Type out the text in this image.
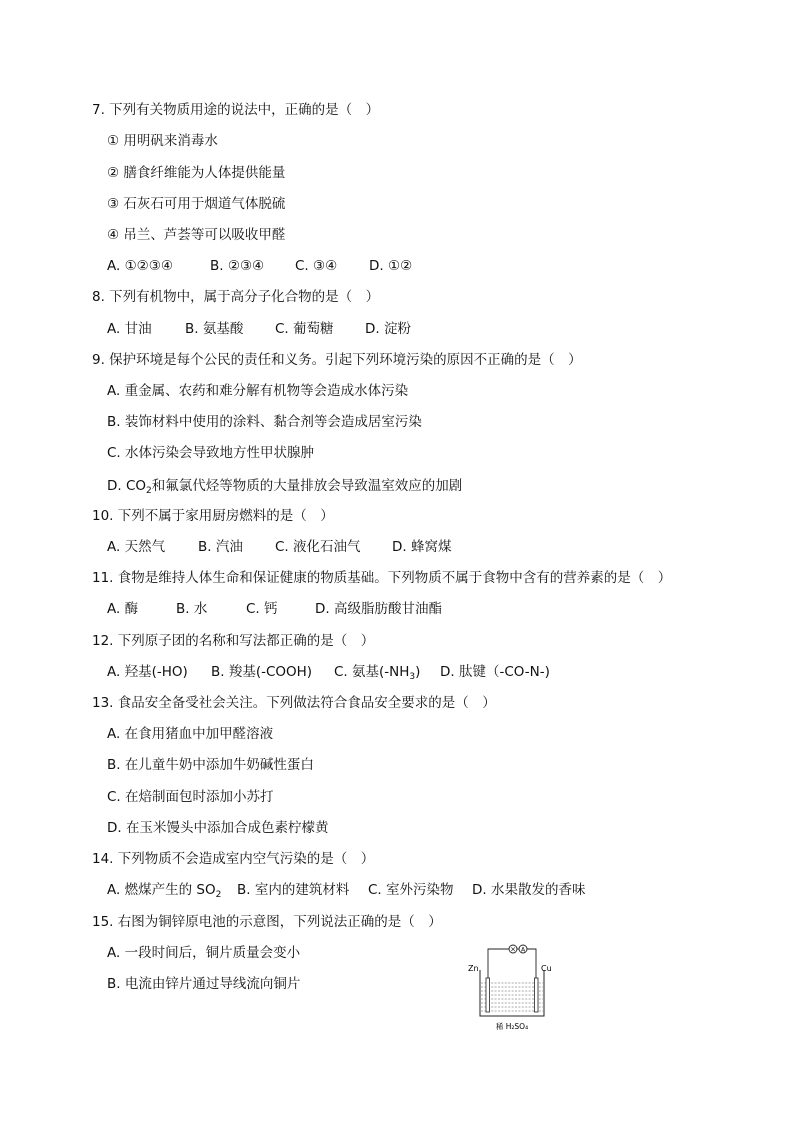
7. 下列有关物质用途的说法中，正确的是（　）
① 用明矾来消毒水
② 膳食纤维能为人体提供能量
③ 石灰石可用于烟道气体脱硫
④ 吊兰、芦荟等可以吸收甲醛
A. ①②③④	B. ②③④ C. ③④ D. ①②
8. 下列有机物中，属于高分子化合物的是（　）
A. 甘油 B. 氨基酸 C. 葡萄糖 D. 淀粉
9. 保护环境是每个公民的责任和义务。引起下列环境污染的原因不正确的是（　）
A. 重金属、农药和难分解有机物等会造成水体污染
B. 装饰材料中使用的涂料、黏合剂等会造成居室污染
C. 水体污染会导致地方性甲状腺肿
D. $CO_2$和氟氯代烃等物质的大量排放会导致温室效应的加剧
10. 下列不属于家用厨房燃料的是（　）
A. 天然气 B. 汽油 C. 液化石油气 D. 蜂窝煤
11. 食物是维持人体生命和保证健康的物质基础。下列物质不属于食物中含有的营养素的是（　）
A. 酶	B. 水	C. 钙	D. 高级脂肪酸甘油酯
12. 下列原子团的名称和写法都正确的是（　）
A. 羟基(-HO) B. 羧基(-COOH) C. 氨基$(-NH_3)$ D. 肽键（-CO-N-)
13. 食品安全备受社会关注。下列做法符合食品安全要求的是（　）
A. 在食用猪血中加甲醛溶液
B. 在儿童牛奶中添加牛奶碱性蛋白
C. 在焙制面包时添加小苏打
D. 在玉米馒头中添加合成色素柠檬黄
14. 下列物质不会造成室内空气污染的是（　）
A. 燃煤产生的 $SO_2$ B. 室内的建筑材料 C. 室外污染物 D. 水果散发的香味
15. 右图为铜锌原电池的示意图，下列说法正确的是（　）
A. 一段时间后，铜片质量会变小
B. 电流由锌片通过导线流向铜片
× A
Zn	Cu
稀 H₂SO₄
